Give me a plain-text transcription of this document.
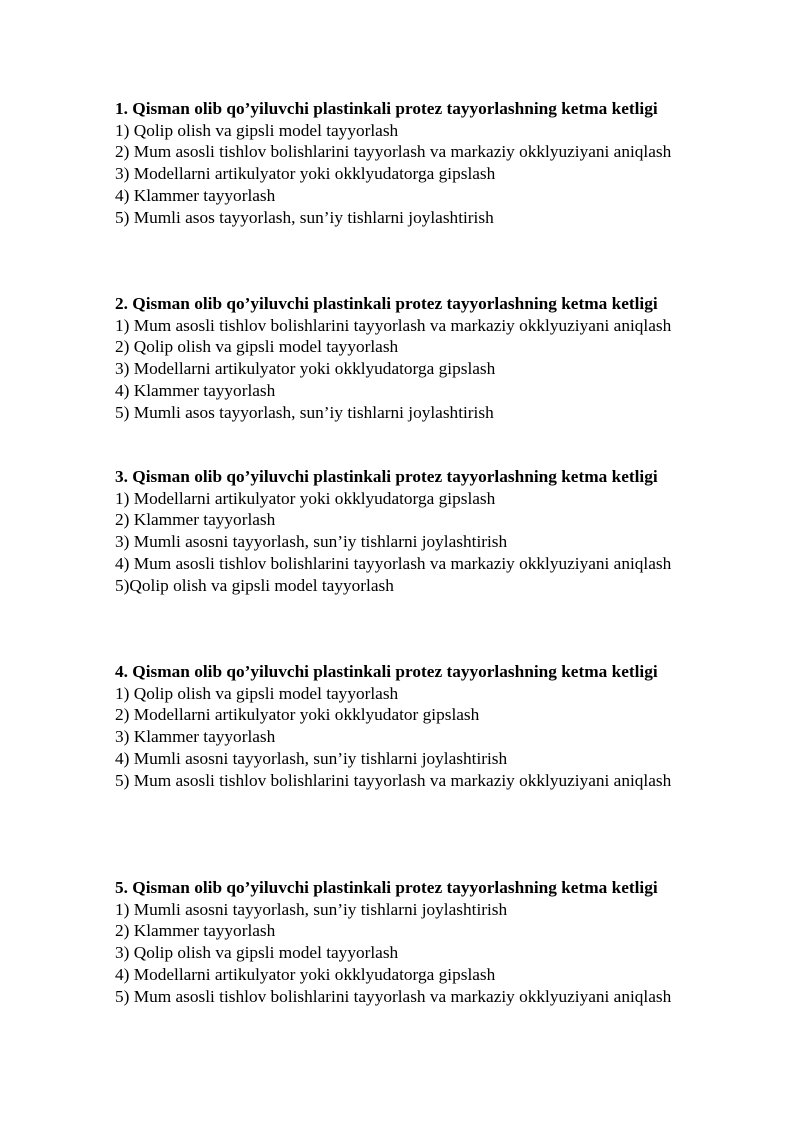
1. Qisman olib qo’yiluvchi plastinkali protez tayyorlashning ketma ketligi
1) Qolip olish va gipsli model tayyorlash
2) Mum asosli tishlov bolishlarini tayyorlash va markaziy okklyuziyani aniqlash
3) Modellarni artikulyator yoki okklyudatorga gipslash
4) Klammer tayyorlash
5) Mumli asos tayyorlash, sun’iy tishlarni joylashtirish
2. Qisman olib qo’yiluvchi plastinkali protez tayyorlashning ketma ketligi
1) Mum asosli tishlov bolishlarini tayyorlash va markaziy okklyuziyani aniqlash
2) Qolip olish va gipsli model tayyorlash
3) Modellarni artikulyator yoki okklyudatorga gipslash
4) Klammer tayyorlash
5) Mumli asos tayyorlash, sun’iy tishlarni joylashtirish
3. Qisman olib qo’yiluvchi plastinkali protez tayyorlashning ketma ketligi
1) Modellarni artikulyator yoki okklyudatorga gipslash
2) Klammer tayyorlash
3) Mumli asosni tayyorlash, sun’iy tishlarni joylashtirish
4) Mum asosli tishlov bolishlarini tayyorlash va markaziy okklyuziyani aniqlash
5)Qolip olish va gipsli model tayyorlash
4. Qisman olib qo’yiluvchi plastinkali protez tayyorlashning ketma ketligi
1) Qolip olish va gipsli model tayyorlash
2) Modellarni artikulyator yoki okklyudator gipslash
3) Klammer tayyorlash
4) Mumli asosni tayyorlash, sun’iy tishlarni joylashtirish
5) Mum asosli tishlov bolishlarini tayyorlash va markaziy okklyuziyani aniqlash
5. Qisman olib qo’yiluvchi plastinkali protez tayyorlashning ketma ketligi
1) Mumli asosni tayyorlash, sun’iy tishlarni joylashtirish
2) Klammer tayyorlash
3) Qolip olish va gipsli model tayyorlash
4) Modellarni artikulyator yoki okklyudatorga gipslash
5) Mum asosli tishlov bolishlarini tayyorlash va markaziy okklyuziyani aniqlash
